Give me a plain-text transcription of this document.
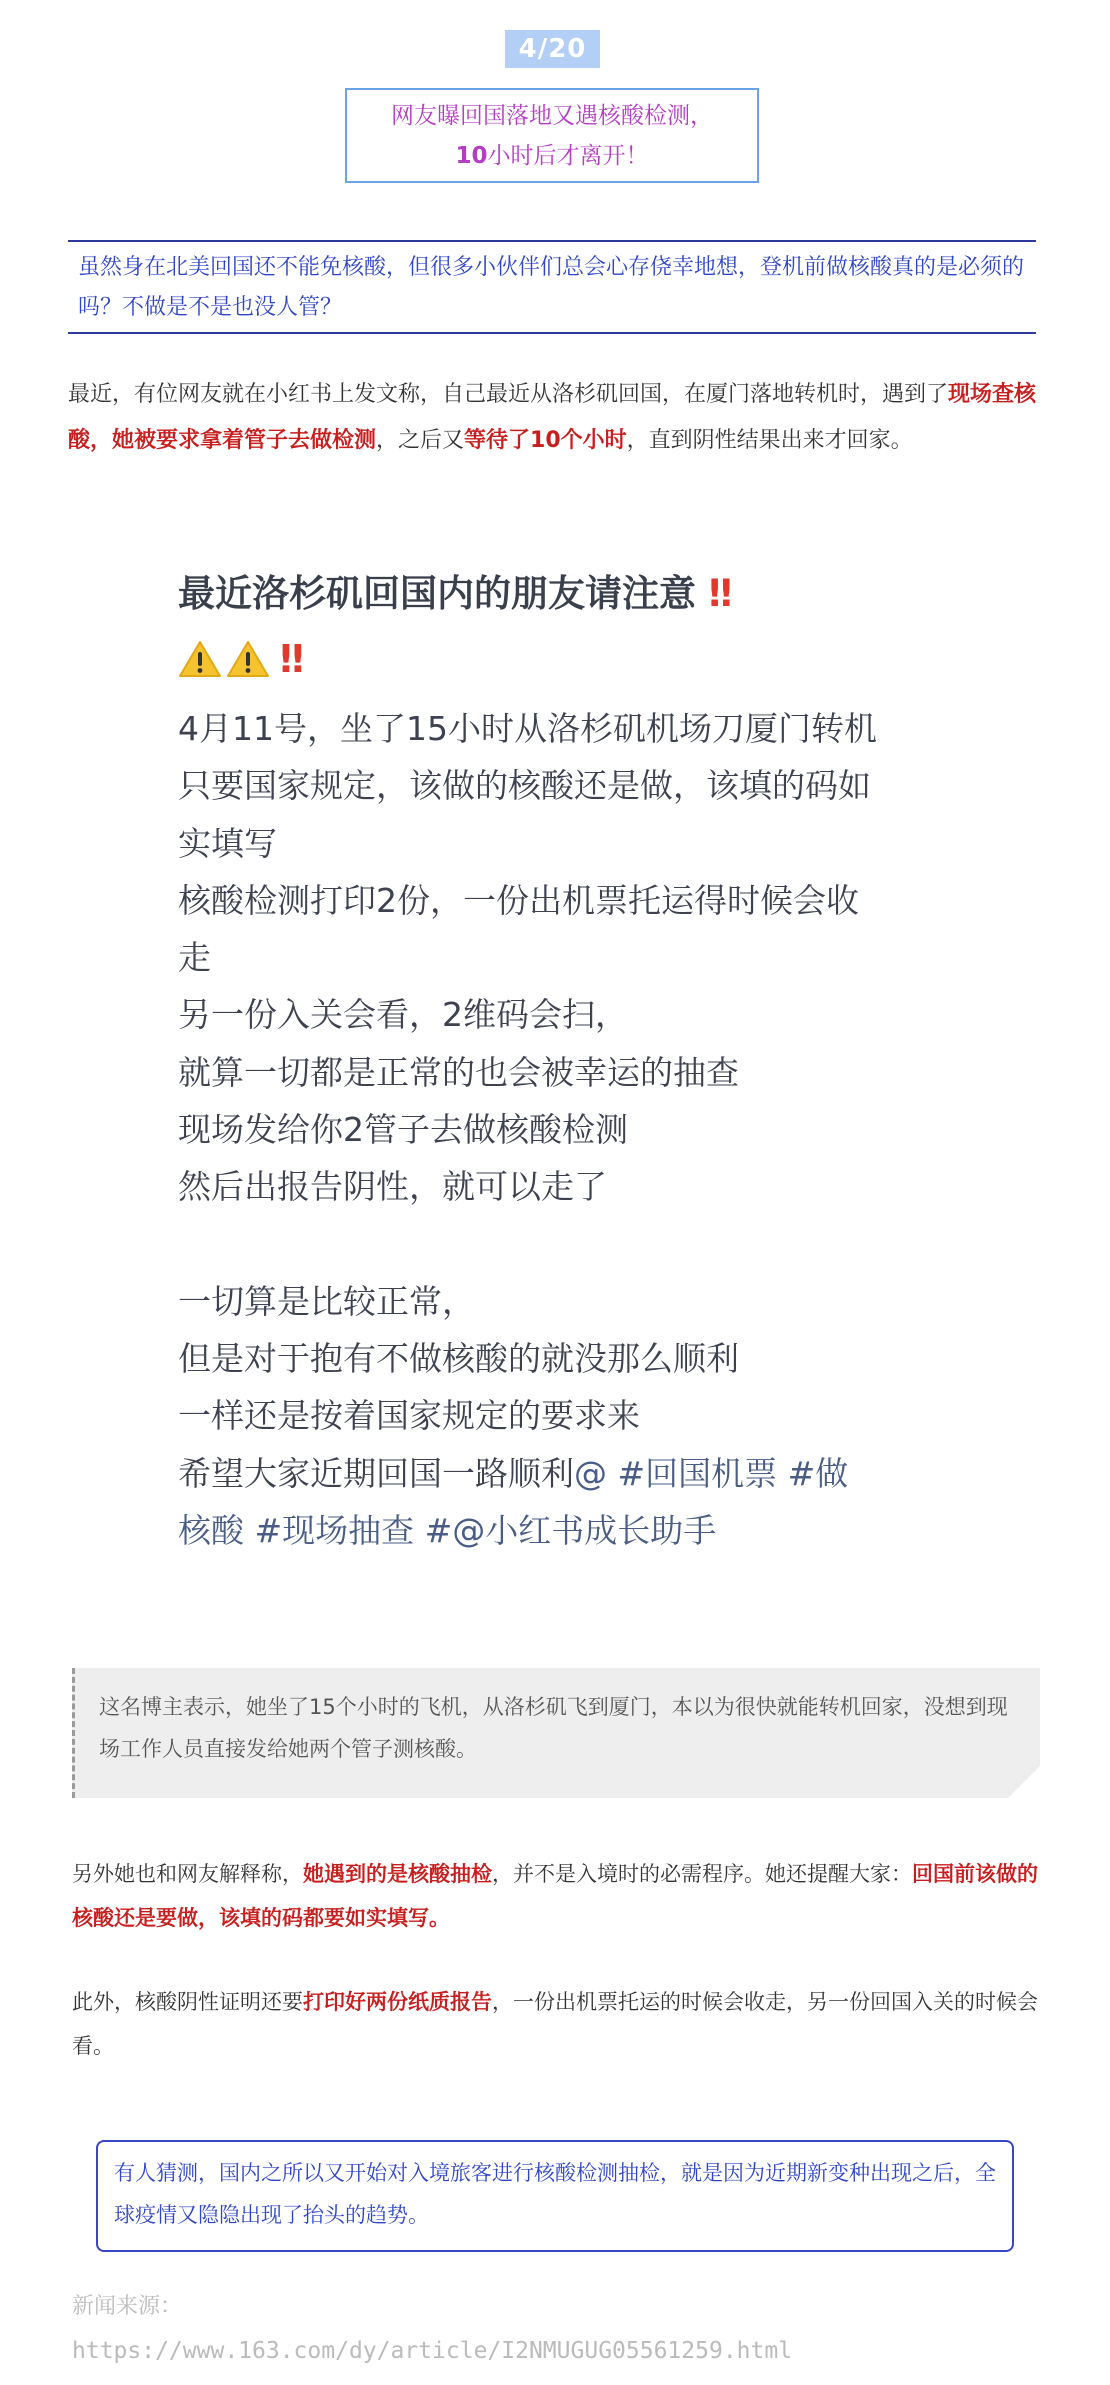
4/20
网友曝回国落地又遇核酸检测，
10小时后才离开！
虽然身在北美回国还不能免核酸，但很多小伙伴们总会心存侥幸地想，登机前做核酸真的是必须的吗？不做是不是也没人管？
最近，有位网友就在小红书上发文称，自己最近从洛杉矶回国，在厦门落地转机时，遇到了现场查核酸，她被要求拿着管子去做检测，之后又等待了10个小时，直到阴性结果出来才回家。
最近洛杉矶回国内的朋友请注意 ‼
‼
4月11号，坐了15小时从洛杉矶机场刀厦门转机
只要国家规定，该做的核酸还是做，该填的码如
实填写
核酸检测打印2份，一份出机票托运得时候会收
走
另一份入关会看，2维码会扫，
就算一切都是正常的也会被幸运的抽查
现场发给你2管子去做核酸检测
然后出报告阴性，就可以走了
一切算是比较正常，
但是对于抱有不做核酸的就没那么顺利
一样还是按着国家规定的要求来
希望大家近期回国一路顺利@ #回国机票 #做
核酸 #现场抽查 #@小红书成长助手
这名博主表示，她坐了15个小时的飞机，从洛杉矶飞到厦门，本以为很快就能转机回家，没想到现场工作人员直接发给她两个管子测核酸。
另外她也和网友解释称，她遇到的是核酸抽检，并不是入境时的必需程序。她还提醒大家：回国前该做的核酸还是要做，该填的码都要如实填写。
此外，核酸阴性证明还要打印好两份纸质报告，一份出机票托运的时候会收走，另一份回国入关的时候会看。
有人猜测，国内之所以又开始对入境旅客进行核酸检测抽检，就是因为近期新变种出现之后，全球疫情又隐隐出现了抬头的趋势。
新闻来源：
https://www.163.com/dy/article/I2NMUGUG05561259.html
